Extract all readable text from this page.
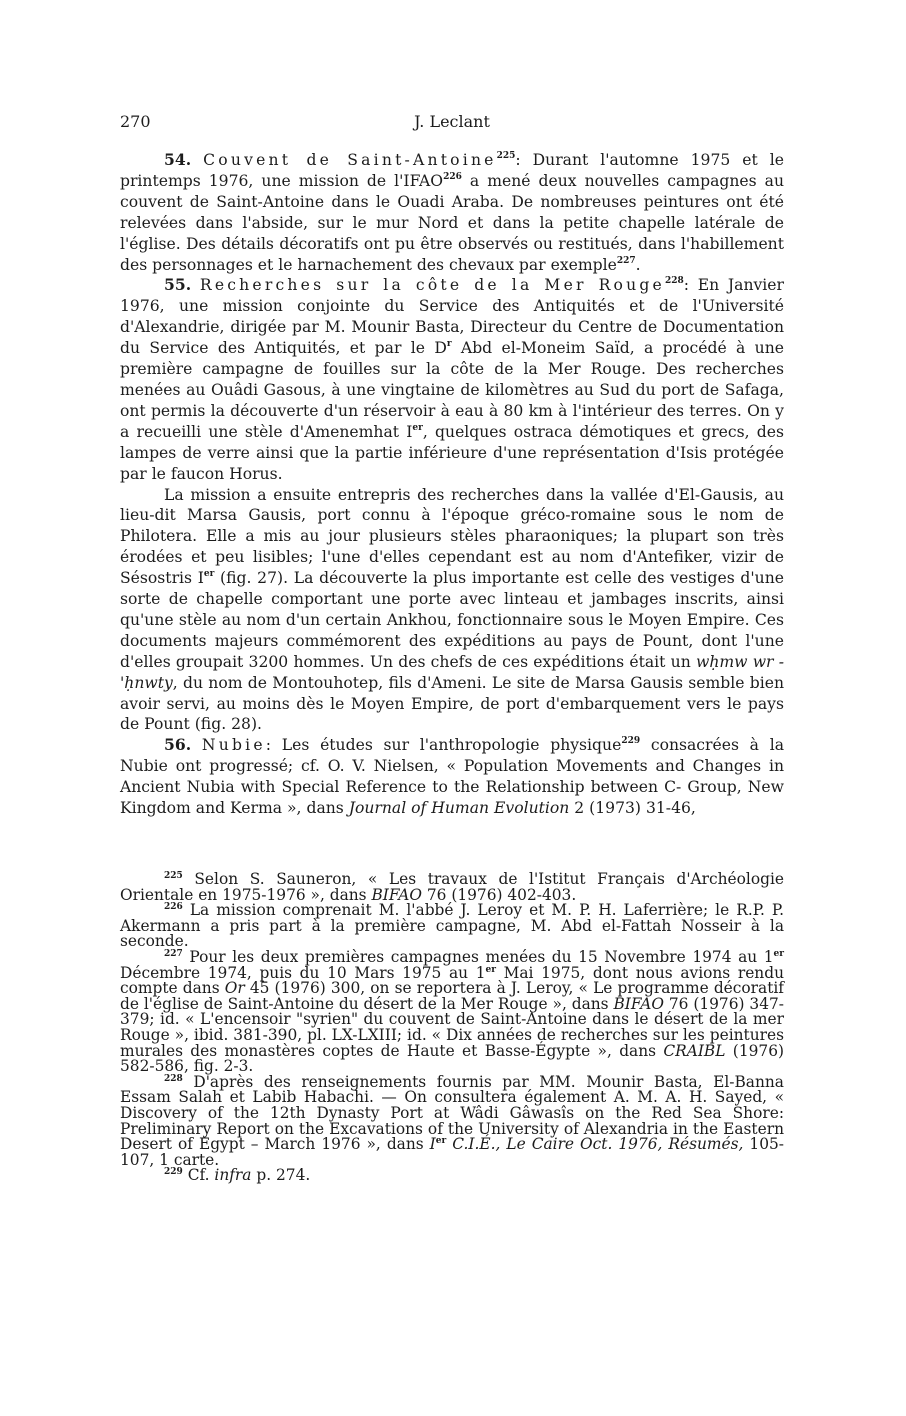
270	J. Leclant

54. Couvent de Saint-Antoine$^{225}$: Durant l'automne 1975 et le printemps 1976, une mission de l'IFAO$^{226}$ a mené deux nouvelles campagnes au couvent de Saint-Antoine dans le Ouadi Araba. De nombreuses peintures ont été relevées dans l'abside, sur le mur Nord et dans la petite chapelle latérale de l'église. Des détails décoratifs ont pu être observés ou restitués, dans l'habillement des personnages et le harnachement des chevaux par exemple$^{227}$.

55. Recherches sur la côte de la Mer Rouge$^{228}$: En Janvier 1976, une mission conjointe du Service des Antiquités et de l'Université d'Alexandrie, dirigée par M. Mounir Basta, Directeur du Centre de Documentation du Service des Antiquités, et par le $D^r$ Abd el-Moneim Saïd, a procédé à une première campagne de fouilles sur la côte de la Mer Rouge. Des recherches menées au Ouâdi Gasous, à une vingtaine de kilomètres au Sud du port de Safaga, ont permis la découverte d'un réservoir à eau à 80 km à l'intérieur des terres. On y a recueilli une stèle d'Amenemhat Ier, quelques ostraca démotiques et grecs, des lampes de verre ainsi que la partie inférieure d'une représentation d'Isis protégée par le faucon Horus.

La mission a ensuite entrepris des recherches dans la vallée d'El-Gausis, au lieu-dit Marsa Gausis, port connu à l'époque gréco-romaine sous le nom de Philotera. Elle a mis au jour plusieurs stèles pharaoniques; la plupart son très érodées et peu lisibles; l'une d'elles cependant est au nom d'Antefiker, vizir de Sésostris Ier (fig. 27). La découverte la plus importante est celle des vestiges d'une sorte de chapelle comportant une porte avec linteau et jambages inscrits, ainsi qu'une stèle au nom d'un certain Ankhou, fonctionnaire sous le Moyen Empire. Ces documents majeurs commémorent des expéditions au pays de Pount, dont l'une d'elles groupait 3200 hommes. Un des chefs de ces expéditions était un wḥmw wr -'ḥnwty, du nom de Montouhotep, fils d'Ameni. Le site de Marsa Gausis semble bien avoir servi, au moins dès le Moyen Empire, de port d'embarquement vers le pays de Pount (fig. 28).

56. Nubie: Les études sur l'anthropologie physique$^{229}$ consacrées à la Nubie ont progressé; cf. O. V. Nielsen, « Population Movements and Changes in Ancient Nubia with Special Reference to the Relationship between C- Group, New Kingdom and Kerma », dans Journal of Human Evolution 2 (1973) 31-46,

$^{225}$ Selon S. Sauneron, « Les travaux de l'Istitut Français d'Archéologie Orientale en 1975-1976 », dans BIFAO 76 (1976) 402-403.

$^{226}$ La mission comprenait M. l'abbé J. Leroy et M. P. H. Laferrière; le R.P. P. Akermann a pris part à la première campagne, M. Abd el-Fattah Nosseir à la seconde.

$^{227}$ Pour les deux premières campagnes menées du 15 Novembre 1974 au 1er Décembre 1974, puis du 10 Mars 1975 au 1er Mai 1975, dont nous avions rendu compte dans Or 45 (1976) 300, on se reportera à J. Leroy, « Le programme décoratif de l'église de Saint-Antoine du désert de la Mer Rouge », dans BIFAO 76 (1976) 347-379; id. « L'encensoir "syrien" du couvent de Saint-Antoine dans le désert de la mer Rouge », ibid. 381-390, pl. LX-LXIII; id. « Dix années de recherches sur les peintures murales des monastères coptes de Haute et Basse-Égypte », dans CRAIBL (1976) 582-586, fig. 2-3.

$^{228}$ D'après des renseignements fournis par MM. Mounir Basta, El-Banna Essam Salah et Labib Habachi. — On consultera également A. M. A. H. Sayed, « Discovery of the 12th Dynasty Port at Wâdi Gâwasîs on the Red Sea Shore: Preliminary Report on the Excavations of the University of Alexandria in the Eastern Desert of Egypt – March 1976 », dans Ier C.I.É., Le Caire Oct. 1976, Résumés, 105-107, 1 carte.

$^{229}$ Cf. infra p. 274.
